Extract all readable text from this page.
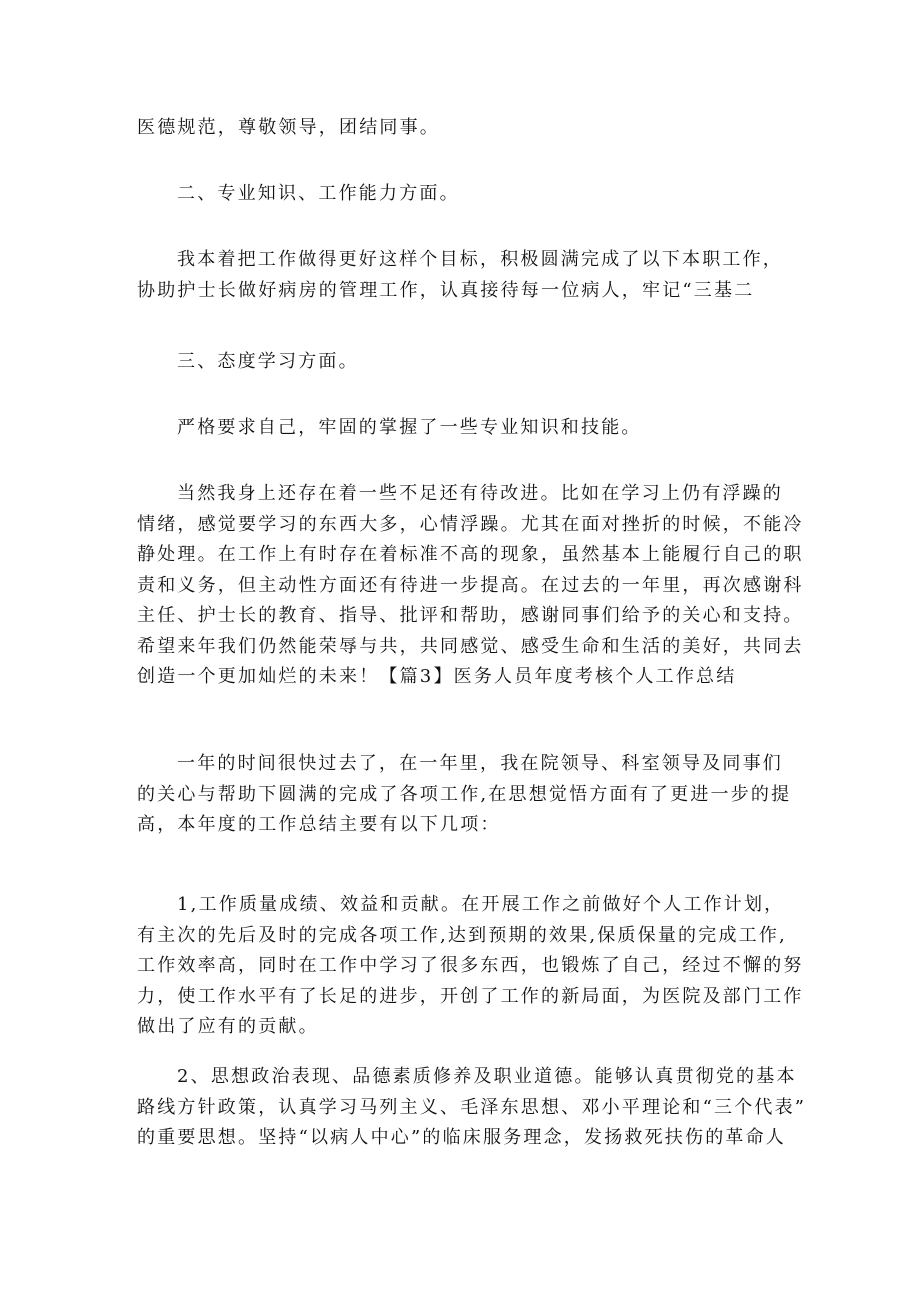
医德规范，尊敬领导，团结同事。

二、专业知识、工作能力方面。

我本着把工作做得更好这样个目标，积极圆满完成了以下本职工作，
协助护士长做好病房的管理工作，认真接待每一位病人，牢记“三基二

三、态度学习方面。

严格要求自己，牢固的掌握了一些专业知识和技能。

当然我身上还存在着一些不足还有待改进。比如在学习上仍有浮躁的
情绪，感觉要学习的东西大多，心情浮躁。尤其在面对挫折的时候，不能冷
静处理。在工作上有时存在着标准不高的现象，虽然基本上能履行自己的职
责和义务，但主动性方面还有待进一步提高。在过去的一年里，再次感谢科
主任、护士长的教育、指导、批评和帮助，感谢同事们给予的关心和支持。
希望来年我们仍然能荣辱与共，共同感觉、感受生命和生活的美好，共同去
创造一个更加灿烂的未来！【篇3】医务人员年度考核个人工作总结
一年的时间很快过去了，在一年里，我在院领导、科室领导及同事们
的关心与帮助下圆满的完成了各项工作,在思想觉悟方面有了更进一步的提
高，本年度的工作总结主要有以下几项：
1,工作质量成绩、效益和贡献。在开展工作之前做好个人工作计划，
有主次的先后及时的完成各项工作,达到预期的效果,保质保量的完成工作,
工作效率高，同时在工作中学习了很多东西，也锻炼了自己，经过不懈的努
力，使工作水平有了长足的进步，开创了工作的新局面，为医院及部门工作
做出了应有的贡献。
2、思想政治表现、品德素质修养及职业道德。能够认真贯彻党的基本
路线方针政策，认真学习马列主义、毛泽东思想、邓小平理论和“三个代表”
的重要思想。坚持“以病人中心”的临床服务理念，发扬救死扶伤的革命人
